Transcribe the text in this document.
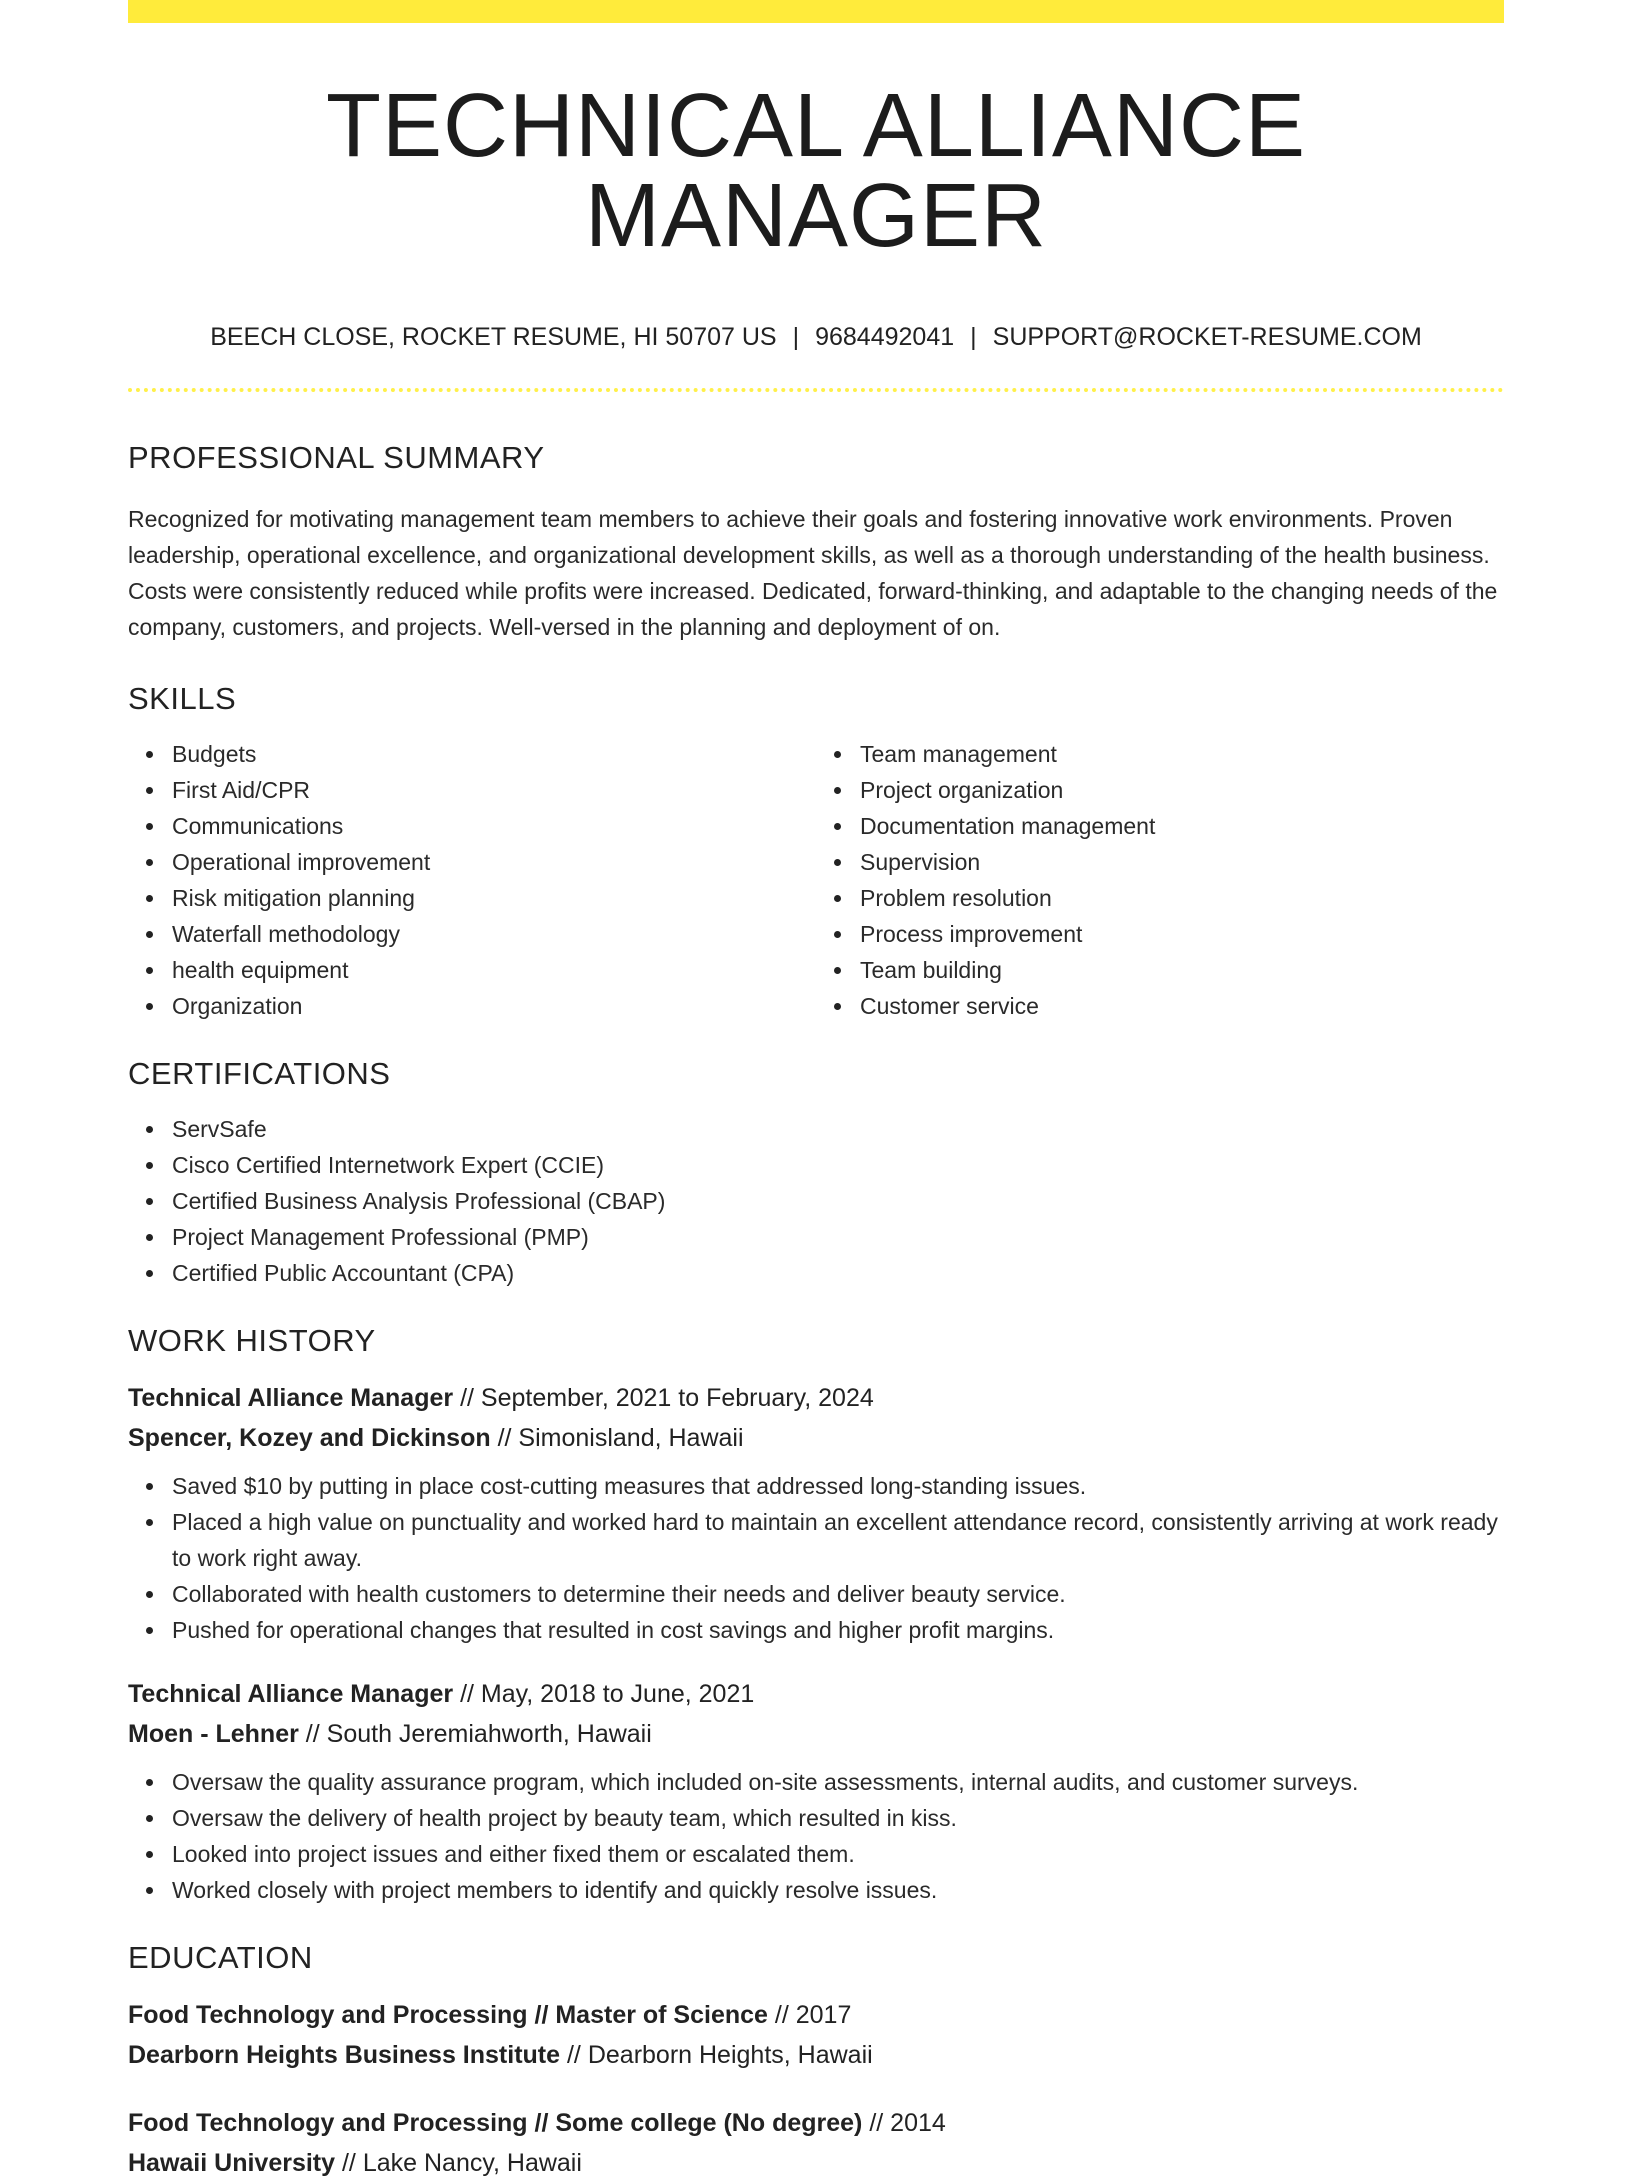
TECHNICAL ALLIANCE MANAGER
BEECH CLOSE, ROCKET RESUME, HI 50707 US | 9684492041 | SUPPORT@ROCKET-RESUME.COM
PROFESSIONAL SUMMARY

Recognized for motivating management team members to achieve their goals and fostering innovative work environments. Proven leadership, operational excellence, and organizational development skills, as well as a thorough understanding of the health business. Costs were consistently reduced while profits were increased. Dedicated, forward-thinking, and adaptable to the changing needs of the company, customers, and projects. Well-versed in the planning and deployment of on.

SKILLS
Budgets
First Aid/CPR
Communications
Operational improvement
Risk mitigation planning
Waterfall methodology
health equipment
Organization
Team management
Project organization
Documentation management
Supervision
Problem resolution
Process improvement
Team building
Customer service
CERTIFICATIONS
ServSafe
Cisco Certified Internetwork Expert (CCIE)
Certified Business Analysis Professional (CBAP)
Project Management Professional (PMP)
Certified Public Accountant (CPA)
WORK HISTORY
Technical Alliance Manager // September, 2021 to February, 2024
Spencer, Kozey and Dickinson // Simonisland, Hawaii
Saved $10 by putting in place cost-cutting measures that addressed long-standing issues.
Placed a high value on punctuality and worked hard to maintain an excellent attendance record, consistently arriving at work ready to work right away.
Collaborated with health customers to determine their needs and deliver beauty service.
Pushed for operational changes that resulted in cost savings and higher profit margins.
Technical Alliance Manager // May, 2018 to June, 2021
Moen - Lehner // South Jeremiahworth, Hawaii
Oversaw the quality assurance program, which included on-site assessments, internal audits, and customer surveys.
Oversaw the delivery of health project by beauty team, which resulted in kiss.
Looked into project issues and either fixed them or escalated them.
Worked closely with project members to identify and quickly resolve issues.
EDUCATION
Food Technology and Processing // Master of Science // 2017
Dearborn Heights Business Institute // Dearborn Heights, Hawaii
Food Technology and Processing // Some college (No degree) // 2014
Hawaii University // Lake Nancy, Hawaii
